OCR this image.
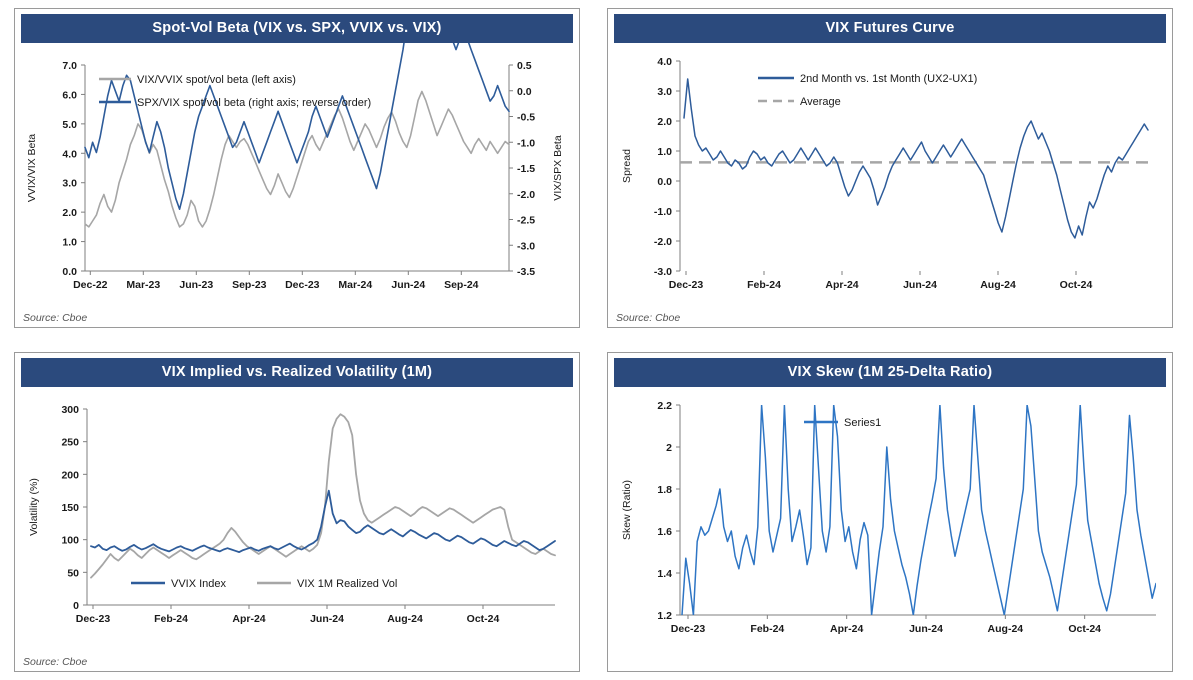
Spot-Vol Beta (VIX vs. SPX, VVIX vs. VIX)
0.0
1.0
2.0
3.0
4.0
5.0
6.0
7.0	0.5
0.0
-0.5
-1.0
-1.5
-2.0
-2.5
-3.0
-3.5
Dec-22 Mar-23 Jun-23 Sep-23 Dec-23 Mar-24 Jun-24 Sep-24
VVIX/VIX Beta	VIX/SPX Beta
VIX/VVIX spot/vol beta (left axis)
SPX/VIX spot/vol beta (right axis; reverse order)
Source: Cboe
VIX Futures Curve
-3.0
-2.0
-1.0
0.0
1.0
2.0
3.0
4.0
Dec-23	Feb-24	Apr-24	Jun-24	Aug-24	Oct-24
Spread
2nd Month vs. 1st Month (UX2-UX1)
Average
Source: Cboe
VIX Implied vs. Realized Volatility (1M)
0
50
100
150
200
250
300
Dec-23	Feb-24	Apr-24	Jun-24	Aug-24	Oct-24
Volatility (%)
VVIX Index	VIX 1M Realized Vol
Source: Cboe
VIX Skew (1M 25-Delta Ratio)
1.2
1.4
1.6
1.8
2
2.2
Dec-23	Feb-24	Apr-24	Jun-24	Aug-24	Oct-24
Skew (Ratio)
Series1
